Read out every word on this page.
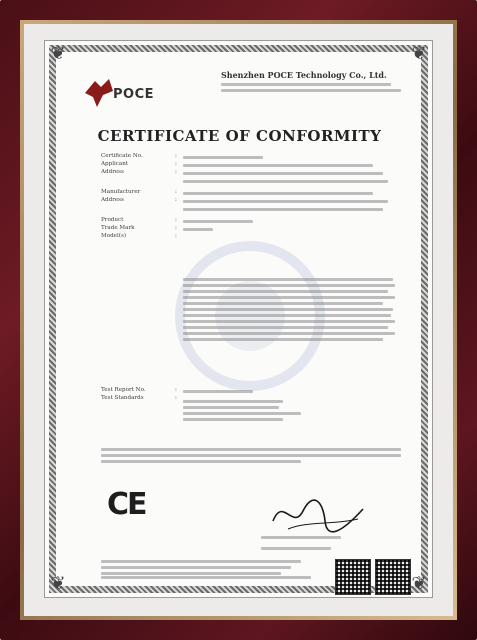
❦	❦
❦	❦
POCE
Shenzhen POCE Technology Co., Ltd.
CERTIFICATE OF CONFORMITY
Certificate No.	:
Applicant	:
Address	:
Manufacturer	:
Address	:
Product	:
Trade Mark	:
Model(s)	:
Test Report No.	:
Test Standards	:
CE
